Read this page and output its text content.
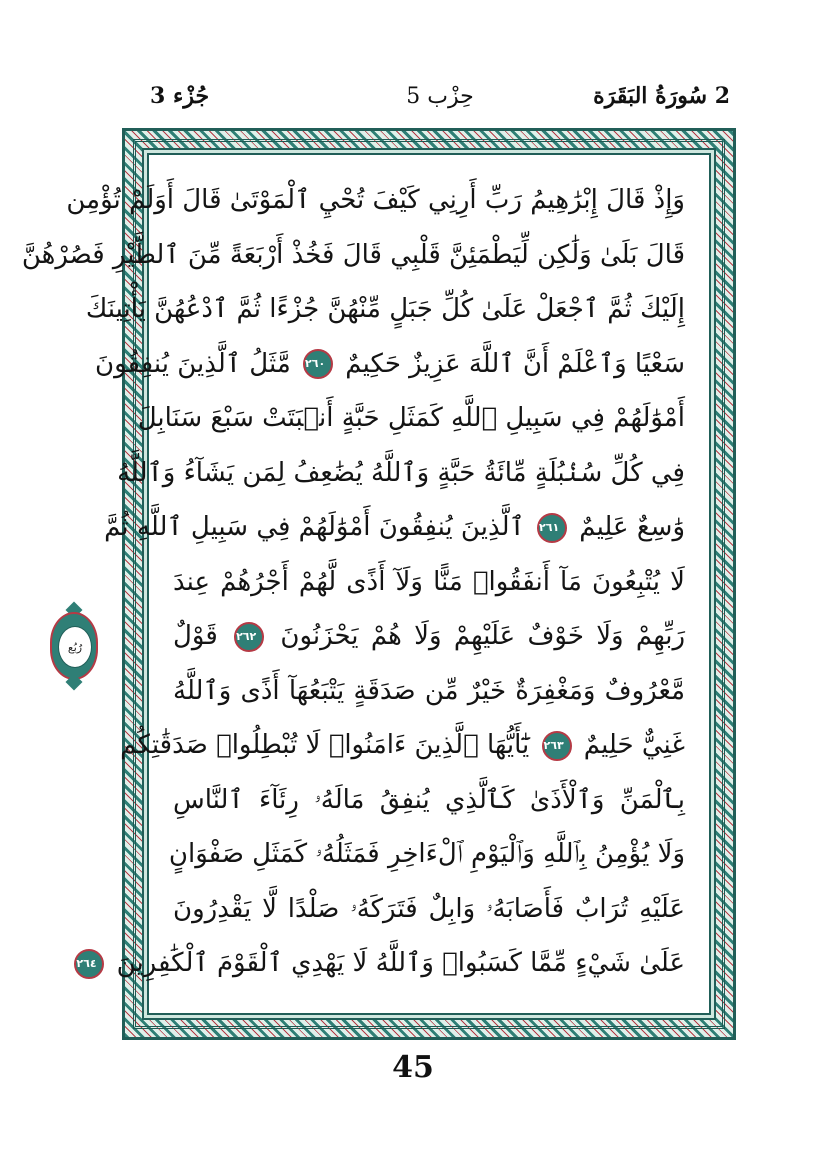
2 سُورَةُ البَقَرَة
حِزْب 5
جُزْء 3
رُبُع
وَإِذْ قَالَ إِبْرَٰهِيمُ رَبِّ أَرِنِي كَيْفَ تُحْيِ ٱلْمَوْتَىٰ قَالَ أَوَلَمْ تُؤْمِن
قَالَ بَلَىٰ وَلَٰكِن لِّيَطْمَئِنَّ قَلْبِي قَالَ فَخُذْ أَرْبَعَةً مِّنَ ٱلطَّيْرِ فَصُرْهُنَّ
إِلَيْكَ ثُمَّ ٱجْعَلْ عَلَىٰ كُلِّ جَبَلٍ مِّنْهُنَّ جُزْءًا ثُمَّ ٱدْعُهُنَّ يَأْتِينَكَ
سَعْيًا وَٱعْلَمْ أَنَّ ٱللَّهَ عَزِيزٌ حَكِيمٌ ٢٦٠ مَّثَلُ ٱلَّذِينَ يُنفِقُونَ
أَمْوَٰلَهُمْ فِي سَبِيلِ ٱللَّهِ كَمَثَلِ حَبَّةٍ أَنۢبَتَتْ سَبْعَ سَنَابِلَ
فِي كُلِّ سُنۢبُلَةٍ مِّائَةُ حَبَّةٍ وَٱللَّهُ يُضَٰعِفُ لِمَن يَشَآءُ وَٱللَّهُ
وَٰسِعٌ عَلِيمٌ ٢٦١ ٱلَّذِينَ يُنفِقُونَ أَمْوَٰلَهُمْ فِي سَبِيلِ ٱللَّهِ ثُمَّ
لَا يُتْبِعُونَ مَآ أَنفَقُوا۟ مَنًّا وَلَآ أَذًى لَّهُمْ أَجْرُهُمْ عِندَ
رَبِّهِمْ وَلَا خَوْفٌ عَلَيْهِمْ وَلَا هُمْ يَحْزَنُونَ ٢٦٢ قَوْلٌ
مَّعْرُوفٌ وَمَغْفِرَةٌ خَيْرٌ مِّن صَدَقَةٍ يَتْبَعُهَآ أَذًى وَٱللَّهُ
غَنِيٌّ حَلِيمٌ ٢٦٣ يَٰٓأَيُّهَا ٱلَّذِينَ ءَامَنُوا۟ لَا تُبْطِلُوا۟ صَدَقَٰتِكُم
بِٱلْمَنِّ وَٱلْأَذَىٰ كَٱلَّذِي يُنفِقُ مَالَهُۥ رِئَآءَ ٱلنَّاسِ
وَلَا يُؤْمِنُ بِٱللَّهِ وَٱلْيَوْمِ ٱلْءَاخِرِ فَمَثَلُهُۥ كَمَثَلِ صَفْوَانٍ
عَلَيْهِ تُرَابٌ فَأَصَابَهُۥ وَابِلٌ فَتَرَكَهُۥ صَلْدًا لَّا يَقْدِرُونَ
عَلَىٰ شَيْءٍ مِّمَّا كَسَبُوا۟ وَٱللَّهُ لَا يَهْدِي ٱلْقَوْمَ ٱلْكَٰفِرِينَ ٢٦٤
45
